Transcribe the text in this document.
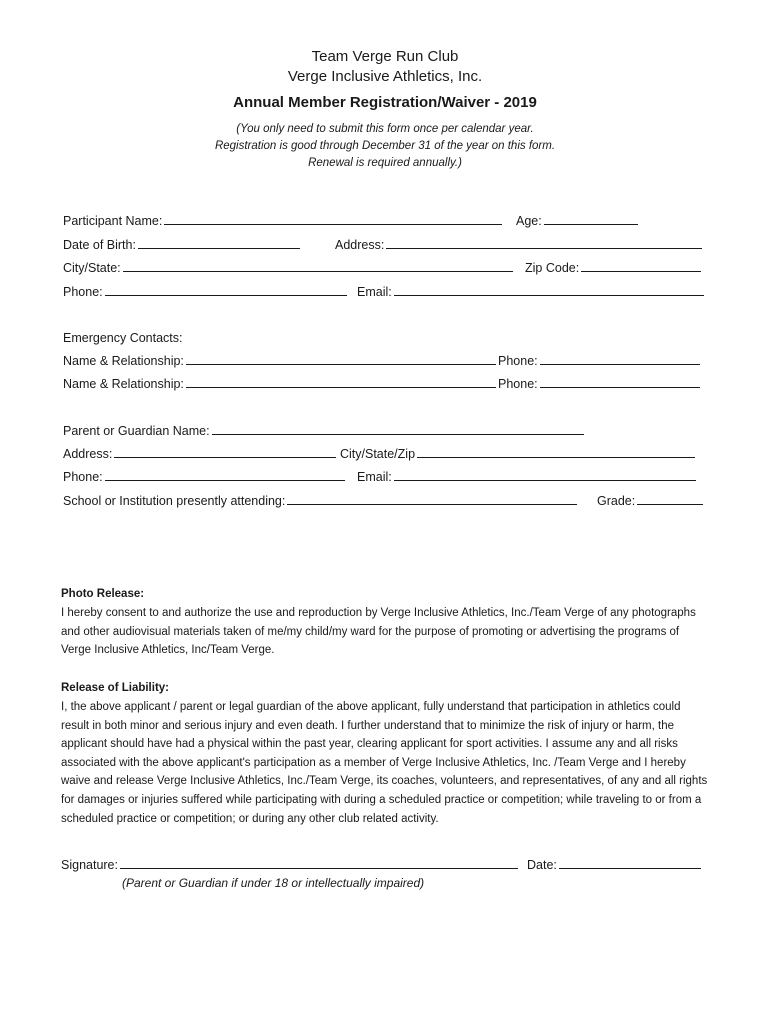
Team Verge Run Club
Verge Inclusive Athletics, Inc.
Annual Member Registration/Waiver - 2019
(You only need to submit this form once per calendar year.
Registration is good through December 31 of the year on this form.
Renewal is required annually.)
Participant Name:	Age:
Date of Birth:	Address:
City/State:	Zip Code:
Phone:	Email:
Emergency Contacts:
Name & Relationship:	Phone:
Name & Relationship:	Phone:
Parent or Guardian Name:
Address:	City/State/Zip
Phone:	Email:
School or Institution presently attending:	Grade:
Photo Release:
I hereby consent to and authorize the use and reproduction by Verge Inclusive Athletics, Inc./Team Verge of any photographs and other audiovisual materials taken of me/my child/my ward for the purpose of promoting or advertising the programs of Verge Inclusive Athletics, Inc/Team Verge.
Release of Liability:
I, the above applicant / parent or legal guardian of the above applicant, fully understand that participation in athletics could result in both minor and serious injury and even death. I further understand that to minimize the risk of injury or harm, the applicant should have had a physical within the past year, clearing applicant for sport activities. I assume any and all risks associated with the above applicant's participation as a member of Verge Inclusive Athletics, Inc. /Team Verge and I hereby waive and release Verge Inclusive Athletics, Inc./Team Verge, its coaches, volunteers, and representatives, of any and all rights for damages or injuries suffered while participating with during a scheduled practice or competition; while traveling to or from a scheduled practice or competition; or during any other club related activity.
Signature:	Date:
(Parent or Guardian if under 18 or intellectually impaired)
